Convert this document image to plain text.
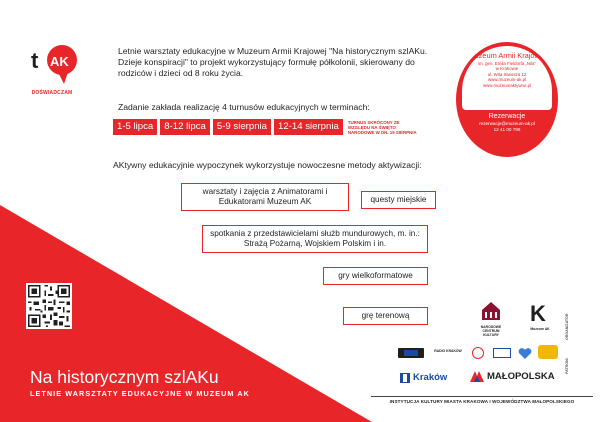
t AK
DOŚWIADCZAM
Letnie warsztaty edukacyjne w Muzeum Armii Krajowej "Na historycznym szlAKu. Dzieje konspiracji" to projekt wykorzystujący formułę półkolonii, skierowany do rodziców i dzieci od 8 roku życia.
Zadanie zakłada realizację 4 turnusów edukacyjnych w terminach:
1-5 lipca	8-12 lipca	5-9 sierpnia	12-14 sierpnia	TURNUS SKRÓCONY ZE WZGLĘDU NA ŚWIĘTO NARODOWE W DN. 15 SIERPNIA
AKtywny edukacyjnie wypoczynek wykorzystuje nowoczesne metody aktywizacji:
Muzeum Armii Krajowej
im. gen. Emila Fieldorfa „Nila"
w Krakowie
ul. Wita Stwosza 12
www.muzeum-ak.pl
www.muzeumaktywne.pl
Rezerwacje
rezerwacje@muzeum-ak.pl
12 41 00 796
warsztaty i zajęcia z Animatorami i Edukatorami Muzeum AK	questy miejskie
spotkania z przedstawicielami służb mundurowych, m. in.: Strażą Pożarną, Wojskiem Polskim i in.
gry wielkoformatowe
grę terenową
Na historycznym szlAKu
LETNIE WARSZTATY EDUKACYJNE W MUZEUM AK
NARODOWE CENTRUM KULTURY
K
Muzeum AK	ORGANIZATOR
PATRONI
RADIO KRAKÓW
Kraków	MAŁOPOLSKA
INSTYTUCJA KULTURY MIASTA KRAKOWA I WOJEWÓDZTWA MAŁOPOLSKIEGO
